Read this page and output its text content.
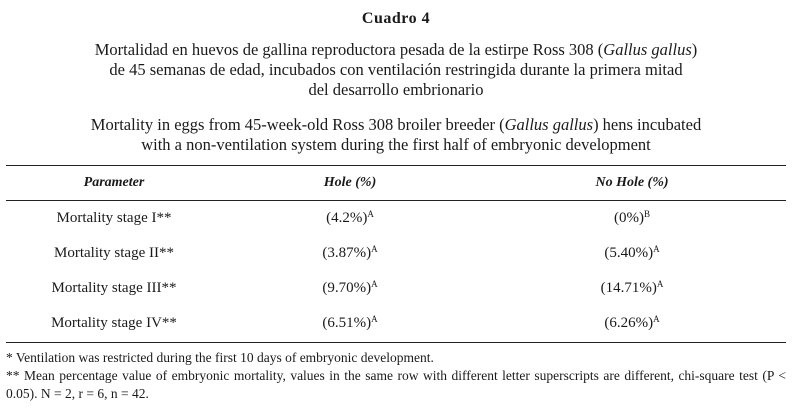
Cuadro 4
Mortalidad en huevos de gallina reproductora pesada de la estirpe Ross 308 (Gallus gallus)
de 45 semanas de edad, incubados con ventilación restringida durante la primera mitad
del desarrollo embrionario
Mortality in eggs from 45-week-old Ross 308 broiler breeder (Gallus gallus) hens incubated
with a non-ventilation system during the first half of embryonic development
Parameter	Hole (%)	No Hole (%)
Mortality stage I**	$(4.2\%)^A$	$(0\%)^B$
Mortality stage II**	$(3.87\%)^A$	$(5.40\%)^A$
Mortality stage III**	$(9.70\%)^A$	$(14.71\%)^A$
Mortality stage IV**	$(6.51\%)^A$	$(6.26\%)^A$

* Ventilation was restricted during the first 10 days of embryonic development.

** Mean percentage value of embryonic mortality, values in the same row with different letter superscripts are different, chi-square test (P < 0.05). N = 2, r = 6, n = 42.
